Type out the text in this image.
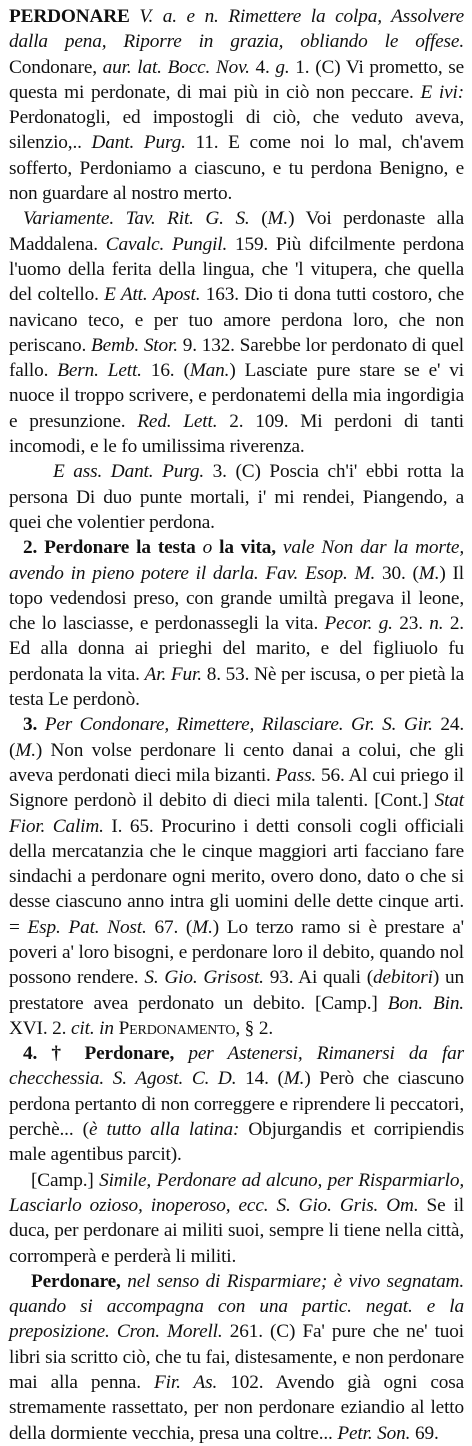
PERDONARE V. a. e n. Rimettere la colpa, Assolvere dalla pena, Riporre in grazia, obliando le offese. Condonare, aur. lat. Bocc. Nov. 4. g. 1. (C) Vi prometto, se questa mi perdonate, di mai più in ciò non peccare. E ivi: Perdonatogli, ed impostogli di ciò, che veduto aveva, silenzio,.. Dant. Purg. 11. E come noi lo mal, ch'avem sofferto, Perdoniamo a ciascuno, e tu perdona Benigno, e non guardare al nostro merto.

Variamente. Tav. Rit. G. S. (M.) Voi perdonaste alla Maddalena. Cavalc. Pungil. 159. Più difcilmente perdona l'uomo della ferita della lingua, che 'l vitupera, che quella del coltello. E Att. Apost. 163. Dio ti dona tutti costoro, che navicano teco, e per tuo amore perdona loro, che non periscano. Bemb. Stor. 9. 132. Sarebbe lor perdonato di quel fallo. Bern. Lett. 16. (Man.) Lasciate pure stare se e' vi nuoce il troppo scrivere, e perdonatemi della mia ingordigia e presunzione. Red. Lett. 2. 109. Mi perdoni di tanti incomodi, e le fo umilissima riverenza.

E ass. Dant. Purg. 3. (C) Poscia ch'i' ebbi rotta la persona Di duo punte mortali, i' mi rendei, Piangendo, a quei che volentier perdona.

2. Perdonare la testa o la vita, vale Non dar la morte, avendo in pieno potere il darla. Fav. Esop. M. 30. (M.) Il topo vedendosi preso, con grande umiltà pregava il leone, che lo lasciasse, e perdonassegli la vita. Pecor. g. 23. n. 2. Ed alla donna ai prieghi del marito, e del figliuolo fu perdonata la vita. Ar. Fur. 8. 53. Nè per iscusa, o per pietà la testa Le perdonò.

3. Per Condonare, Rimettere, Rilasciare. Gr. S. Gir. 24. (M.) Non volse perdonare li cento danai a colui, che gli aveva perdonati dieci mila bizanti. Pass. 56. Al cui priego il Signore perdonò il debito di dieci mila talenti. [Cont.] Stat Fior. Calim. I. 65. Procurino i detti consoli cogli officiali della mercatanzia che le cinque maggiori arti facciano fare sindachi a perdonare ogni merito, overo dono, dato o che si desse ciascuno anno intra gli uomini delle dette cinque arti. = Esp. Pat. Nost. 67. (M.) Lo terzo ramo si è prestare a' poveri a' loro bisogni, e perdonare loro il debito, quando nol possono rendere. S. Gio. Grisost. 93. Ai quali (debitori) un prestatore avea perdonato un debito. [Camp.] Bon. Bin. XVI. 2. cit. in Perdonamento, § 2.

4. † Perdonare, per Astenersi, Rimanersi da far checchessia. S. Agost. C. D. 14. (M.) Però che ciascuno perdona pertanto di non correggere e riprendere li peccatori, perchè... (è tutto alla latina: Objurgandis et corripiendis male agentibus parcit).

[Camp.] Simile, Perdonare ad alcuno, per Risparmiarlo, Lasciarlo ozioso, inoperoso, ecc. S. Gio. Gris. Om. Se il duca, per perdonare ai militi suoi, sempre li tiene nella città, corromperà e perderà li militi.

Perdonare, nel senso di Risparmiare; è vivo segnatam. quando si accompagna con una partic. negat. e la preposizione. Cron. Morell. 261. (C) Fa' pure che ne' tuoi libri sia scritto ciò, che tu fai, distesamente, e non perdonare mai alla penna. Fir. As. 102. Avendo già ogni cosa stremamente rassettato, per non perdonare eziandio al letto della dormiente vecchia, presa una coltre... Petr. Son. 69.
